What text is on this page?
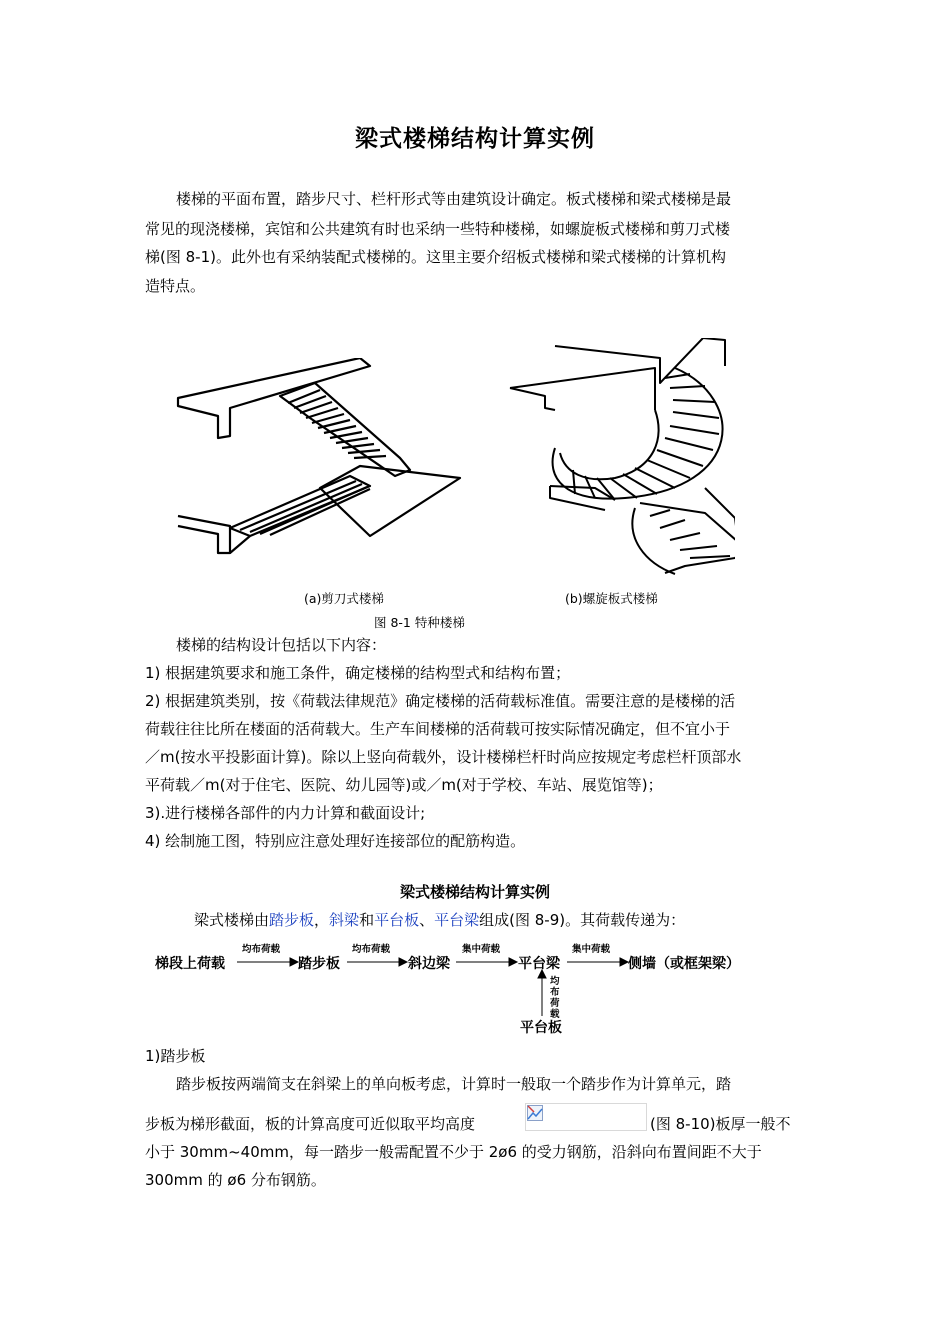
梁式楼梯结构计算实例
楼梯的平面布置，踏步尺寸、栏杆形式等由建筑设计确定。板式楼梯和梁式楼梯是最
常见的现浇楼梯，宾馆和公共建筑有时也采纳一些特种楼梯，如螺旋板式楼梯和剪刀式楼
梯(图 8-1)。此外也有采纳装配式楼梯的。这里主要介绍板式楼梯和梁式楼梯的计算机构
造特点。
(a)剪刀式楼梯	(b)螺旋板式楼梯
图 8-1 特种楼梯
楼梯的结构设计包括以下内容：
1) 根据建筑要求和施工条件，确定楼梯的结构型式和结构布置；
2) 根据建筑类别，按《荷载法律规范》确定楼梯的活荷载标准值。需要注意的是楼梯的活
荷载往往比所在楼面的活荷载大。生产车间楼梯的活荷载可按实际情况确定，但不宜小于
／m(按水平投影面计算)。除以上竖向荷载外，设计楼梯栏杆时尚应按规定考虑栏杆顶部水
平荷载／m(对于住宅、医院、幼儿园等)或／m(对于学校、车站、展览馆等)；
3).进行楼梯各部件的内力计算和截面设计;
4) 绘制施工图，特别应注意处理好连接部位的配筋构造。
梁式楼梯结构计算实例
梁式楼梯由踏步板，斜梁和平台板、平台梁组成(图 8-9)。其荷载传递为：
梯段上荷载	踏步板	斜边梁	平台梁	侧墙（或框架梁）
平台板
均布荷载	均布荷载	集中荷载	集中荷载
均布荷载
1)踏步板
踏步板按两端简支在斜梁上的单向板考虑，计算时一般取一个踏步作为计算单元，踏
步板为梯形截面，板的计算高度可近似取平均高度	(图 8-10)板厚一般不
小于 30mm~40mm，每一踏步一般需配置不少于 2ø6 的受力钢筋，沿斜向布置间距不大于
300mm 的 ø6 分布钢筋。
